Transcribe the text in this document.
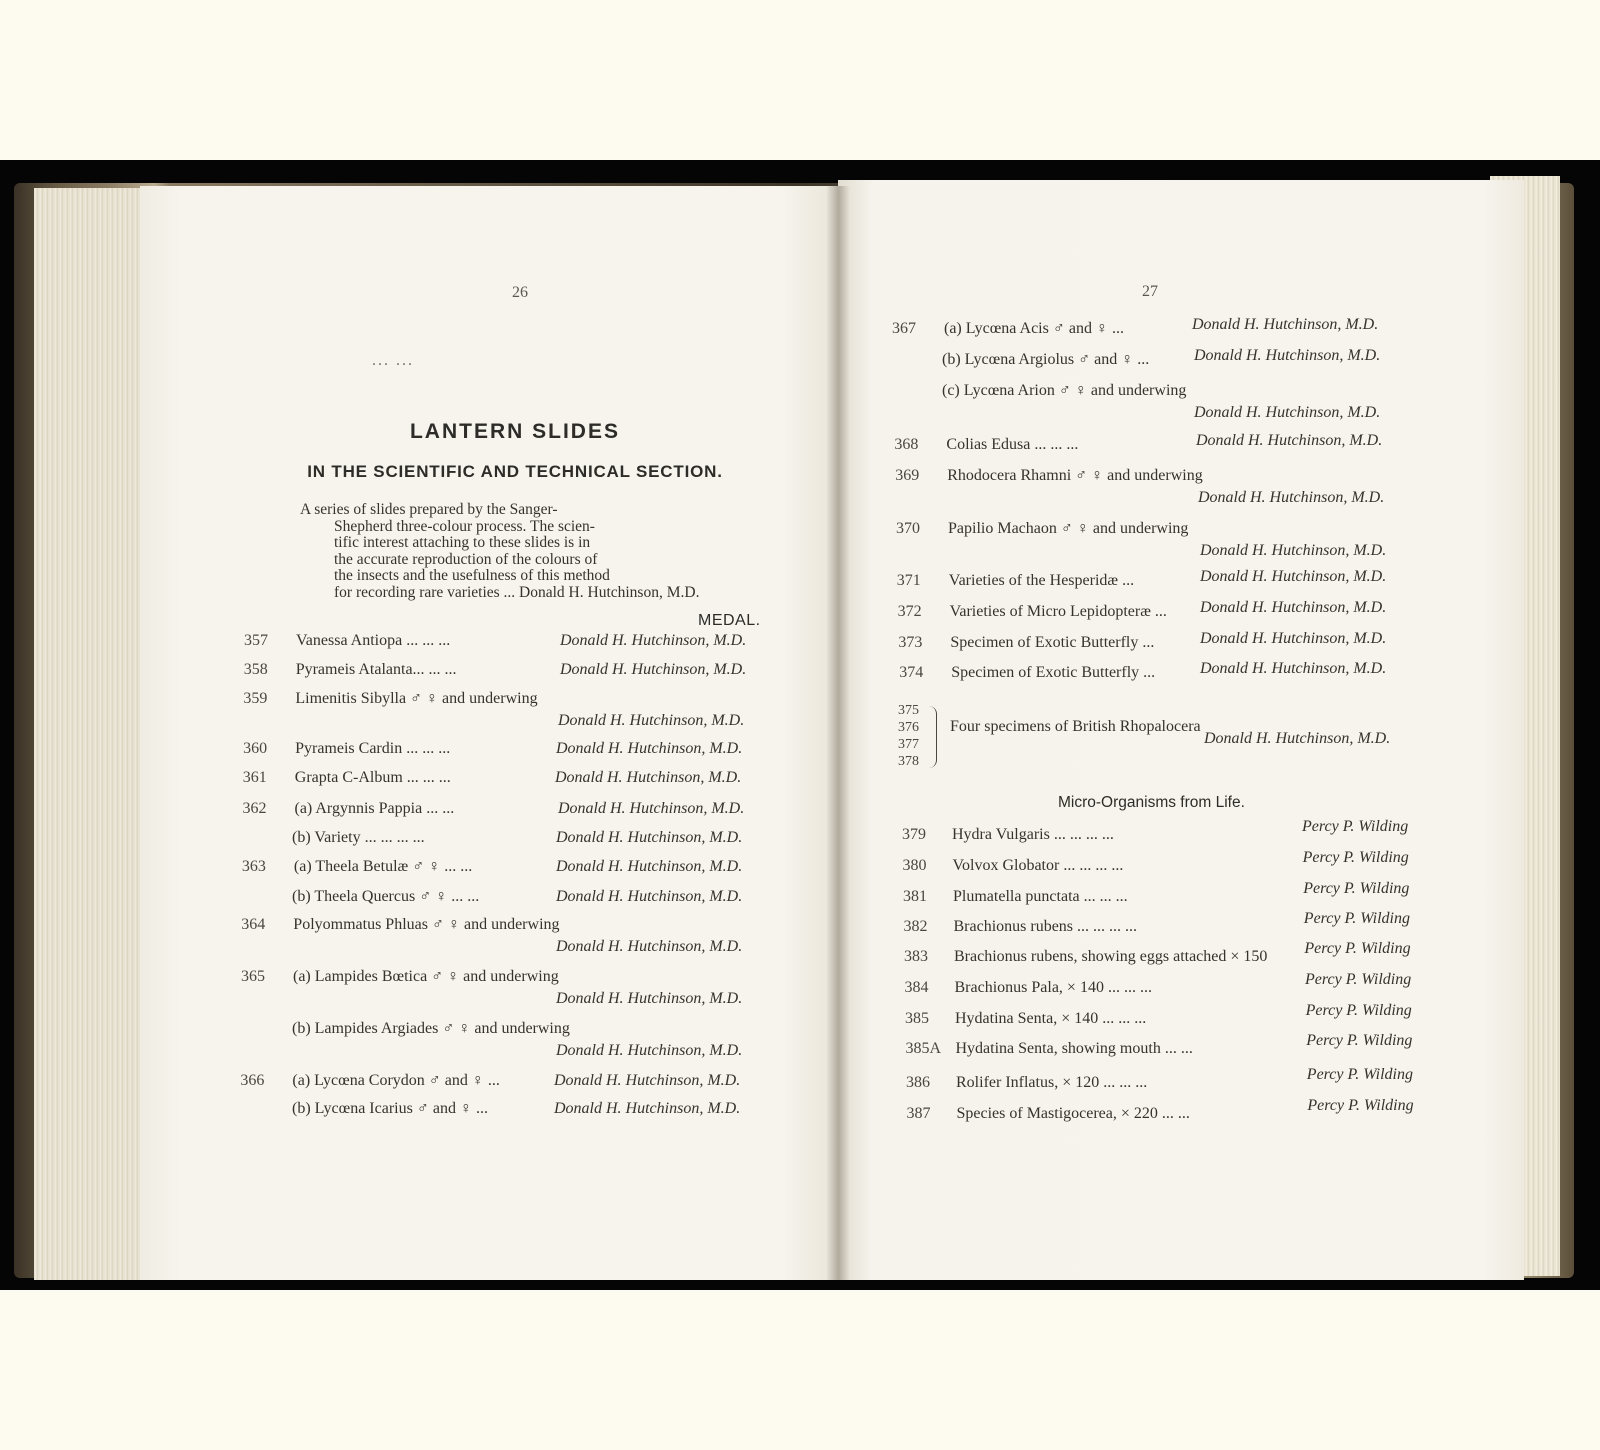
26
... ...
LANTERN SLIDES
IN THE SCIENTIFIC AND TECHNICAL SECTION.
A series of slides prepared by the Sanger-
Shepherd three-colour process. The scien-
tific interest attaching to these slides is in
the accurate reproduction of the colours of
the insects and the usefulness of this method
for recording rare varieties ... Donald H. Hutchinson, M.D.
MEDAL.
357 Vanessa Antiopa ... ... ...	Donald H. Hutchinson, M.D.
358 Pyrameis Atalanta... ... ...	Donald H. Hutchinson, M.D.
359 Limenitis Sibylla ♂ ♀ and underwing
Donald H. Hutchinson, M.D.
360 Pyrameis Cardin ... ... ...	Donald H. Hutchinson, M.D.
361 Grapta C-Album ... ... ...	Donald H. Hutchinson, M.D.
362 (a) Argynnis Pappia ... ...	Donald H. Hutchinson, M.D.
(b) Variety ... ... ... ...	Donald H. Hutchinson, M.D.
363 (a) Theela Betulæ ♂ ♀ ... ...	Donald H. Hutchinson, M.D.
(b) Theela Quercus ♂ ♀ ... ...	Donald H. Hutchinson, M.D.
364 Polyommatus Phluas ♂ ♀ and underwing
Donald H. Hutchinson, M.D.
365 (a) Lampides Bœtica ♂ ♀ and underwing
Donald H. Hutchinson, M.D.
(b) Lampides Argiades ♂ ♀ and underwing
Donald H. Hutchinson, M.D.
366 (a) Lycœna Corydon ♂ and ♀ ...	Donald H. Hutchinson, M.D.
(b) Lycœna Icarius ♂ and ♀ ...	Donald H. Hutchinson, M.D.
27
367 (a) Lycœna Acis ♂ and ♀ ...	Donald H. Hutchinson, M.D.
(b) Lycœna Argiolus ♂ and ♀ ...	Donald H. Hutchinson, M.D.
(c) Lycœna Arion ♂ ♀ and underwing
Donald H. Hutchinson, M.D.
368 Colias Edusa ... ... ...	Donald H. Hutchinson, M.D.
369 Rhodocera Rhamni ♂ ♀ and underwing
Donald H. Hutchinson, M.D.
370 Papilio Machaon ♂ ♀ and underwing
Donald H. Hutchinson, M.D.
371 Varieties of the Hesperidæ ...	Donald H. Hutchinson, M.D.
372 Varieties of Micro Lepidopteræ ... Donald H. Hutchinson, M.D.
373 Specimen of Exotic Butterfly ...	Donald H. Hutchinson, M.D.
374 Specimen of Exotic Butterfly ...	Donald H. Hutchinson, M.D.
375 376 377 378
Four specimens of British Rhopalocera
Donald H. Hutchinson, M.D.
Micro-Organisms from Life.
379 Hydra Vulgaris ... ... ... ...	Percy P. Wilding
380 Volvox Globator ... ... ... ...	Percy P. Wilding
381 Plumatella punctata ... ... ...	Percy P. Wilding
382 Brachionus rubens ... ... ... ...	Percy P. Wilding
383 Brachionus rubens, showing eggs attached × 150 Percy P. Wilding
384 Brachionus Pala, × 140 ... ... ...	Percy P. Wilding
385 Hydatina Senta, × 140 ... ... ...	Percy P. Wilding
385A Hydatina Senta, showing mouth ... ...	Percy P. Wilding
386 Rolifer Inflatus, × 120 ... ... ...	Percy P. Wilding
387 Species of Mastigocerea, × 220 ... ...	Percy P. Wilding
